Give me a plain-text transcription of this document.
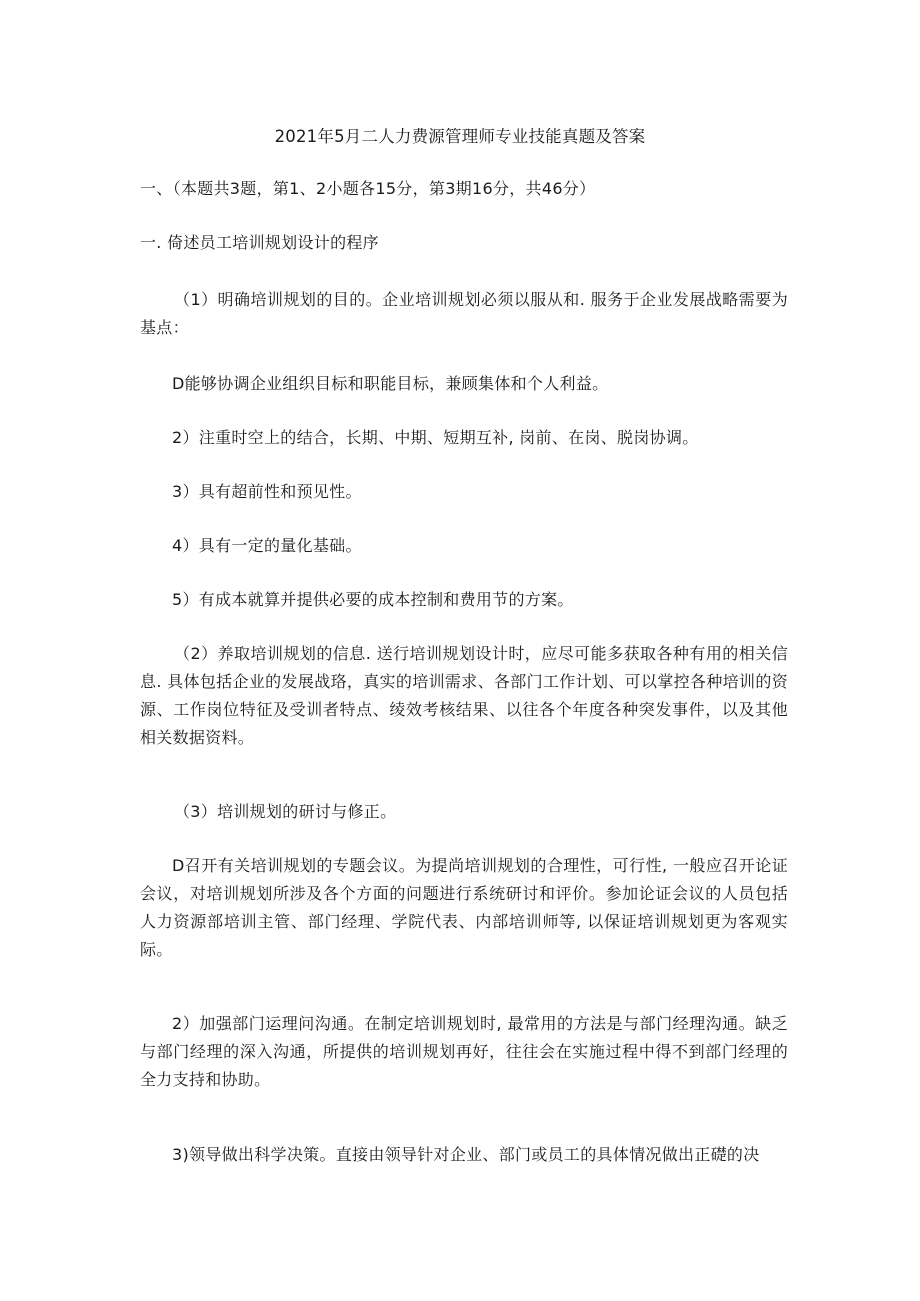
2021年5月二人力费源管理师专业技能真题及答案
一、（本题共3题，第1、2小题各15分，第3期16分，共46分）
一. 倚述员工培训规划设计的程序
（1）明确培训规划的目的。企业培训规划必须以服从和. 服务于企业发展战略需要为基点：
D能够协调企业组织目标和职能目标，兼顾集体和个人利益。
2）注重时空上的结合，长期、中期、短期互补, 岗前、在岗、脱岗协调。
3）具有超前性和预见性。
4）具有一定的量化基础。
5）有成本就算并提供必要的成本控制和费用节的方案。
（2）养取培训规划的信息. 送行培训规划设计时，应尽可能多获取各种有用的相关信息. 具体包括企业的发展战珞，真实的培训需求、各部门工作计划、可以掌控各种培训的资源、工作岗位特征及受训者特点、绫效考核结果、以往各个年度各种突发事件，以及其他相关数据资料。
（3）培训规划的研讨与修正。
D召开有关培训规划的专题会议。为提尚培训规划的合理性，可行性, 一般应召开论证会议，对培训规划所涉及各个方面的问题进行系统研讨和评价。参加论证会议的人员包括人力资源部培训主管、部门经理、学院代表、内部培训师等, 以保证培训规划更为客观实际。
2）加强部门运理问沟通。在制定培训规划时, 最常用的方法是与部门经理沟通。缺乏与部门经理的深入沟通，所提供的培训规划再好，往往会在实施过程中得不到部门经理的全力支持和协助。
3)领导做出科学决策。直接由领导针对企业、部门或员工的具体情况做出正礎的决
